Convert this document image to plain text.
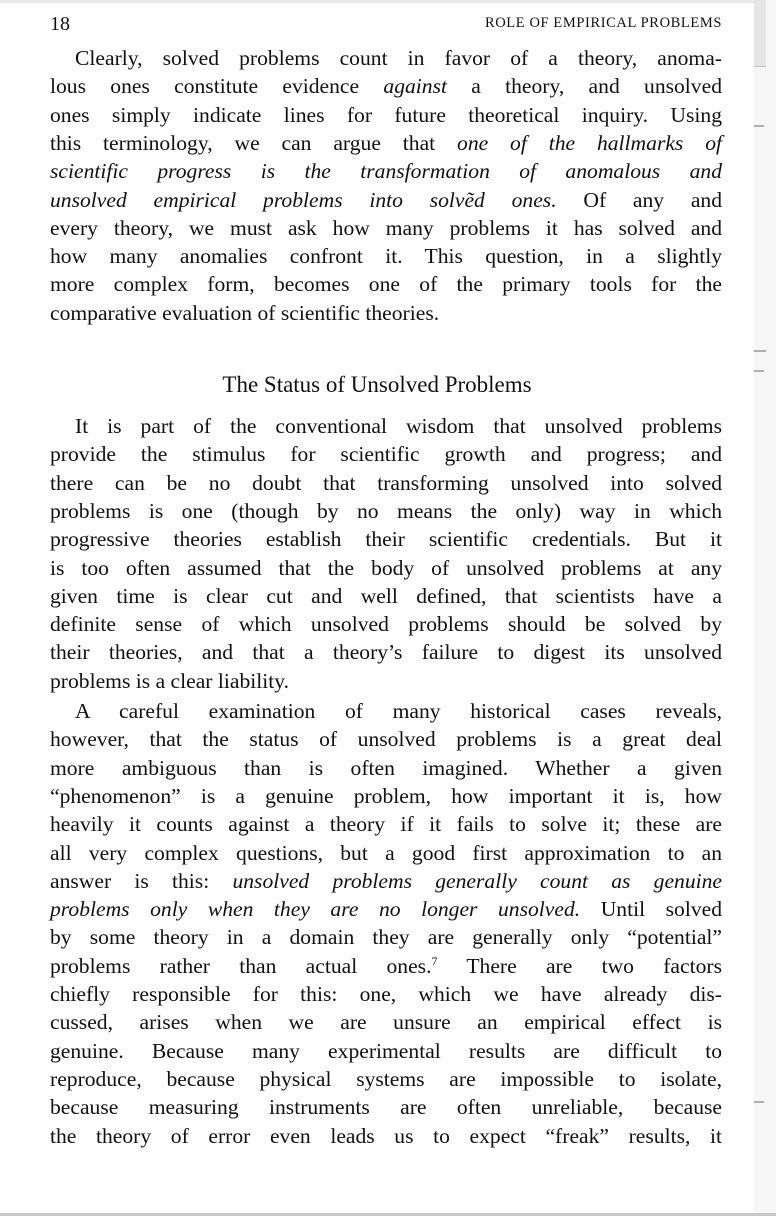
18	ROLE OF EMPIRICAL PROBLEMS
Clearly, solved problems count in favor of a theory, anoma-
lous ones constitute evidence against a theory, and unsolved
ones simply indicate lines for future theoretical inquiry. Using
this terminology, we can argue that one of the hallmarks of
scientific progress is the transformation of anomalous and
unsolved empirical problems into solvẽd ones. Of any and
every theory, we must ask how many problems it has solved and
how many anomalies confront it. This question, in a slightly
more complex form, becomes one of the primary tools for the
comparative evaluation of scientific theories.
It is part of the conventional wisdom that unsolved problems
provide the stimulus for scientific growth and progress; and
there can be no doubt that transforming unsolved into solved
problems is one (though by no means the only) way in which
progressive theories establish their scientific credentials. But it
is too often assumed that the body of unsolved problems at any
given time is clear cut and well defined, that scientists have a
definite sense of which unsolved problems should be solved by
their theories, and that a theory’s failure to digest its unsolved
problems is a clear liability.
A careful examination of many historical cases reveals,
however, that the status of unsolved problems is a great deal
more ambiguous than is often imagined. Whether a given
“phenomenon” is a genuine problem, how important it is, how
heavily it counts against a theory if it fails to solve it; these are
all very complex questions, but a good first approximation to an
answer is this: unsolved problems generally count as genuine
problems only when they are no longer unsolved. Until solved
by some theory in a domain they are generally only “potential”
problems rather than actual ones.$^7$ There are two factors
chiefly responsible for this: one, which we have already dis-
cussed, arises when we are unsure an empirical effect is
genuine. Because many experimental results are difficult to
reproduce, because physical systems are impossible to isolate,
because measuring instruments are often unreliable, because
the theory of error even leads us to expect “freak” results, it
The Status of Unsolved Problems
